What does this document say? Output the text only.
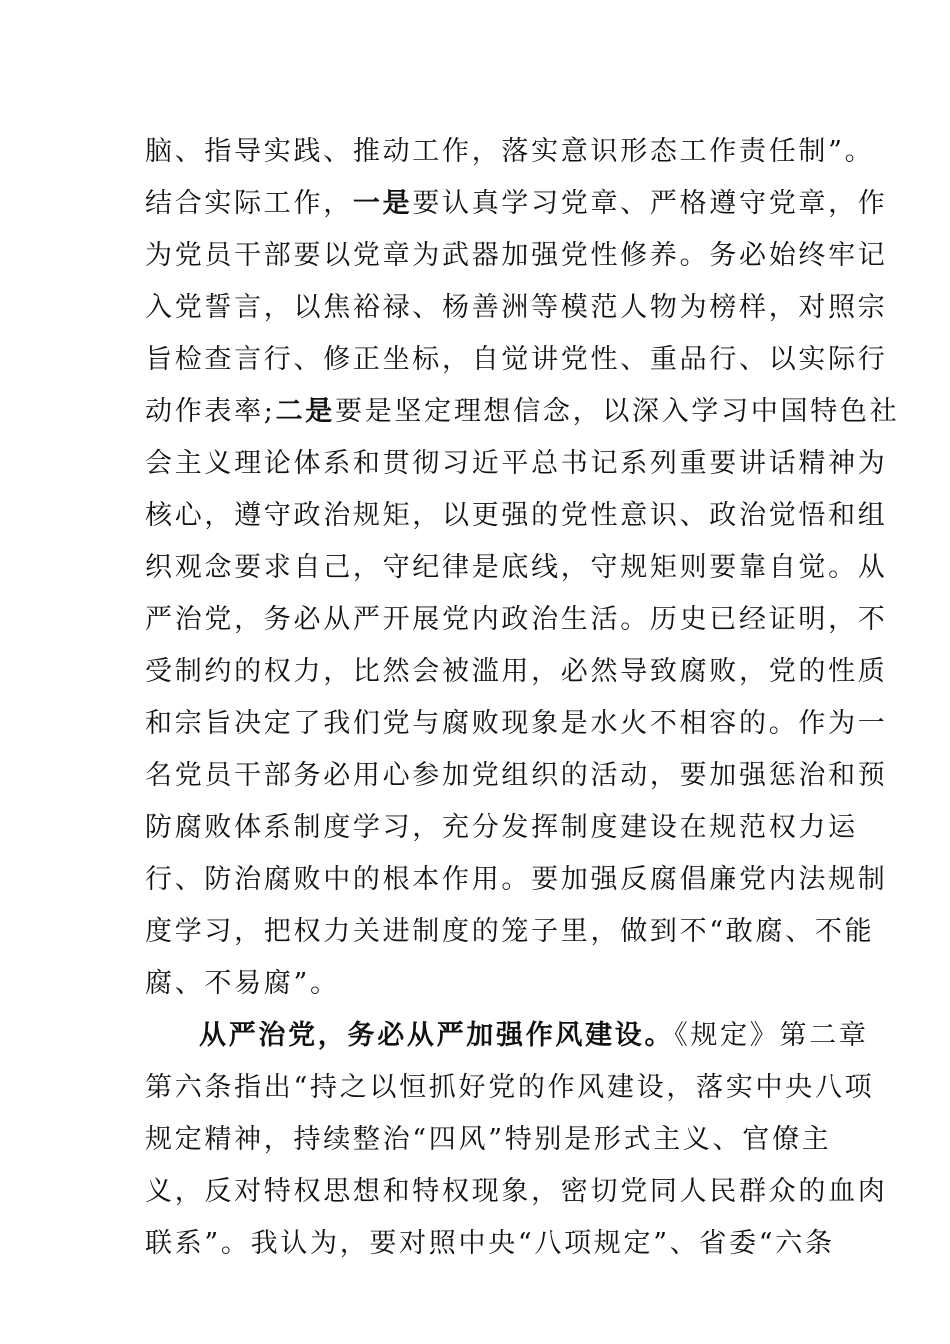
脑、指导实践、推动工作，落实意识形态工作责任制”。
结合实际工作，一是要认真学习党章、严格遵守党章，作
为党员干部要以党章为武器加强党性修养。务必始终牢记
入党誓言，以焦裕禄、杨善洲等模范人物为榜样，对照宗
旨检查言行、修正坐标，自觉讲党性、重品行、以实际行
动作表率;二是要是坚定理想信念，以深入学习中国特色社
会主义理论体系和贯彻习近平总书记系列重要讲话精神为
核心，遵守政治规矩，以更强的党性意识、政治觉悟和组
织观念要求自己，守纪律是底线，守规矩则要靠自觉。从
严治党，务必从严开展党内政治生活。历史已经证明，不
受制约的权力，比然会被滥用，必然导致腐败，党的性质
和宗旨决定了我们党与腐败现象是水火不相容的。作为一
名党员干部务必用心参加党组织的活动，要加强惩治和预
防腐败体系制度学习，充分发挥制度建设在规范权力运
行、防治腐败中的根本作用。要加强反腐倡廉党内法规制
度学习，把权力关进制度的笼子里，做到不“敢腐、不能
腐、不易腐”。
从严治党，务必从严加强作风建设。《规定》第二章
第六条指出“持之以恒抓好党的作风建设，落实中央八项
规定精神，持续整治“四风”特别是形式主义、官僚主
义，反对特权思想和特权现象，密切党同人民群众的血肉
联系”。我认为，要对照中央“八项规定”、省委“六条
